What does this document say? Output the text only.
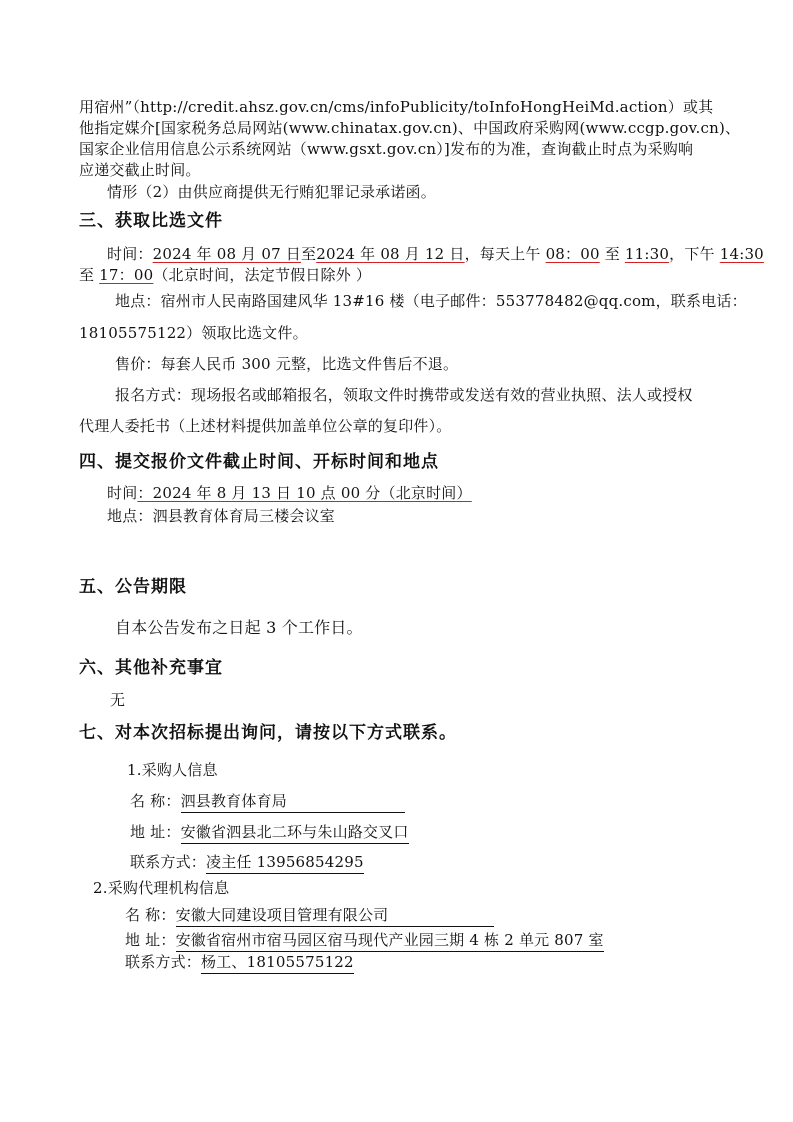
用宿州”（http://credit.ahsz.gov.cn/cms/infoPublicity/toInfoHongHeiMd.action）或其
他指定媒介[国家税务总局网站(www.chinatax.gov.cn)、中国政府采购网(www.ccgp.gov.cn)、
国家企业信用信息公示系统网站（www.gsxt.gov.cn）]发布的为准，查询截止时点为采购响
应递交截止时间。
情形（2）由供应商提供无行贿犯罪记录承诺函。
三、获取比选文件
时间：2024 年 08 月 07 日至2024 年 08 月 12 日，每天上午 08：00 至 11:30，下午 14:30
至 17：00（北京时间，法定节假日除外 ）
地点：宿州市人民南路国建风华 13#16 楼（电子邮件：553778482@qq.com，联系电话：
18105575122）领取比选文件。
售价：每套人民币 300 元整，比选文件售后不退。
报名方式：现场报名或邮箱报名，领取文件时携带或发送有效的营业执照、法人或授权
代理人委托书（上述材料提供加盖单位公章的复印件）。
四、提交报价文件截止时间、开标时间和地点
时间：2024 年 8 月 13 日 10 点 00 分（北京时间）
地点：泗县教育体育局三楼会议室
五、公告期限
自本公告发布之日起 3 个工作日。
六、其他补充事宜
无
七、对本次招标提出询问，请按以下方式联系。
1.采购人信息
名 称：泗县教育体育局
地 址：安徽省泗县北二环与朱山路交叉口
联系方式：凌主任 13956854295
2.采购代理机构信息
名 称：安徽大同建设项目管理有限公司
地 址：安徽省宿州市宿马园区宿马现代产业园三期 4 栋 2 单元 807 室
联系方式：杨工、18105575122
